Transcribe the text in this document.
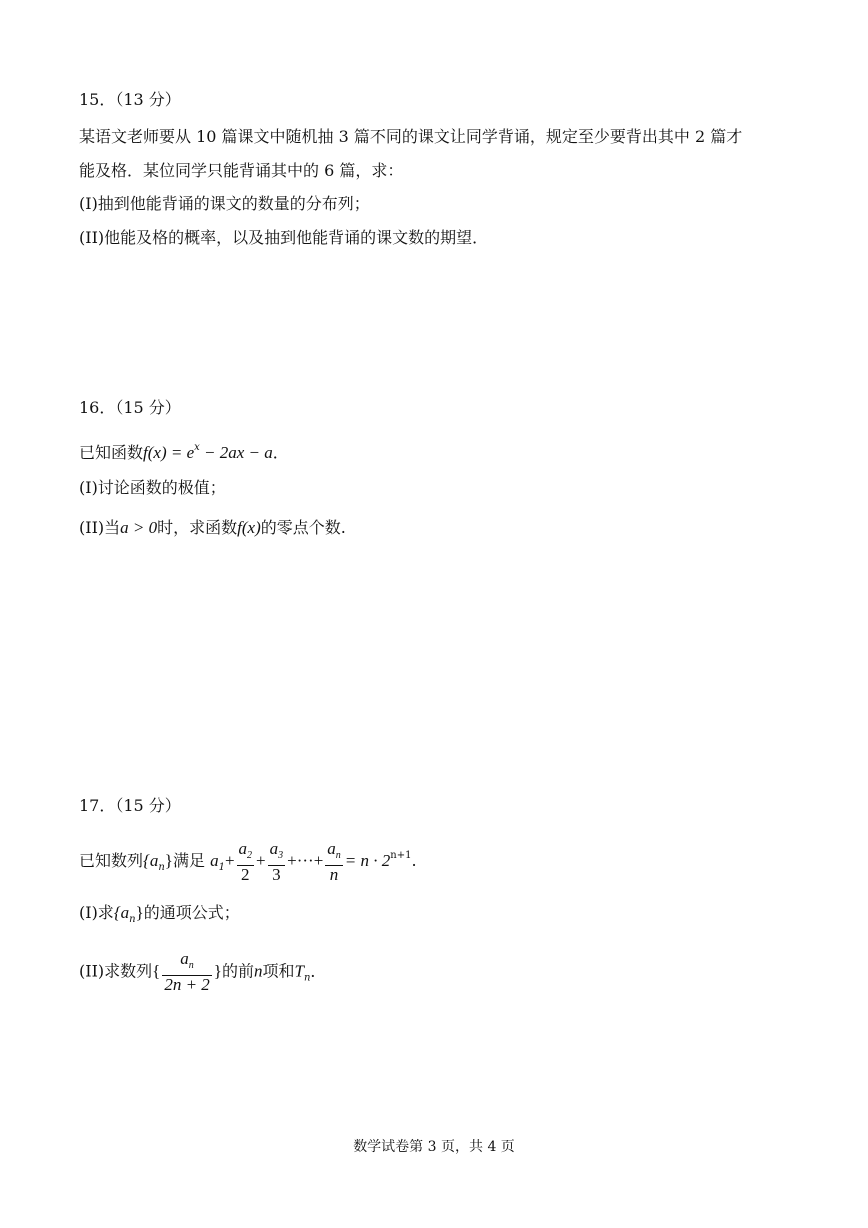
15．（13 分）
某语文老师要从 10 篇课文中随机抽 3 篇不同的课文让同学背诵，规定至少要背出其中 2 篇才
能及格．某位同学只能背诵其中的 6 篇，求：
(I)抽到他能背诵的课文的数量的分布列；
(II)他能及格的概率，以及抽到他能背诵的课文数的期望．
16．（15 分）
已知函数$f(x) = e^x - 2ax - a$．
(I)讨论函数的极值；
(II)当a > 0时，求函数f(x)的零点个数.
17．（15 分）
已知数列$\{a_n\}$满足 $a_1+ \frac{a_2}{2} + \frac{a_3}{3}$ +···+ $\frac{a_n}{n} = n \cdot 2^{n+1}$.
(I)求$\{a_n\}$的通项公式；
(II)求数列{ $\frac{a_n}{2n + 2}$ }的前n项和$T_n$．
数学试卷第 3 页，共 4 页
